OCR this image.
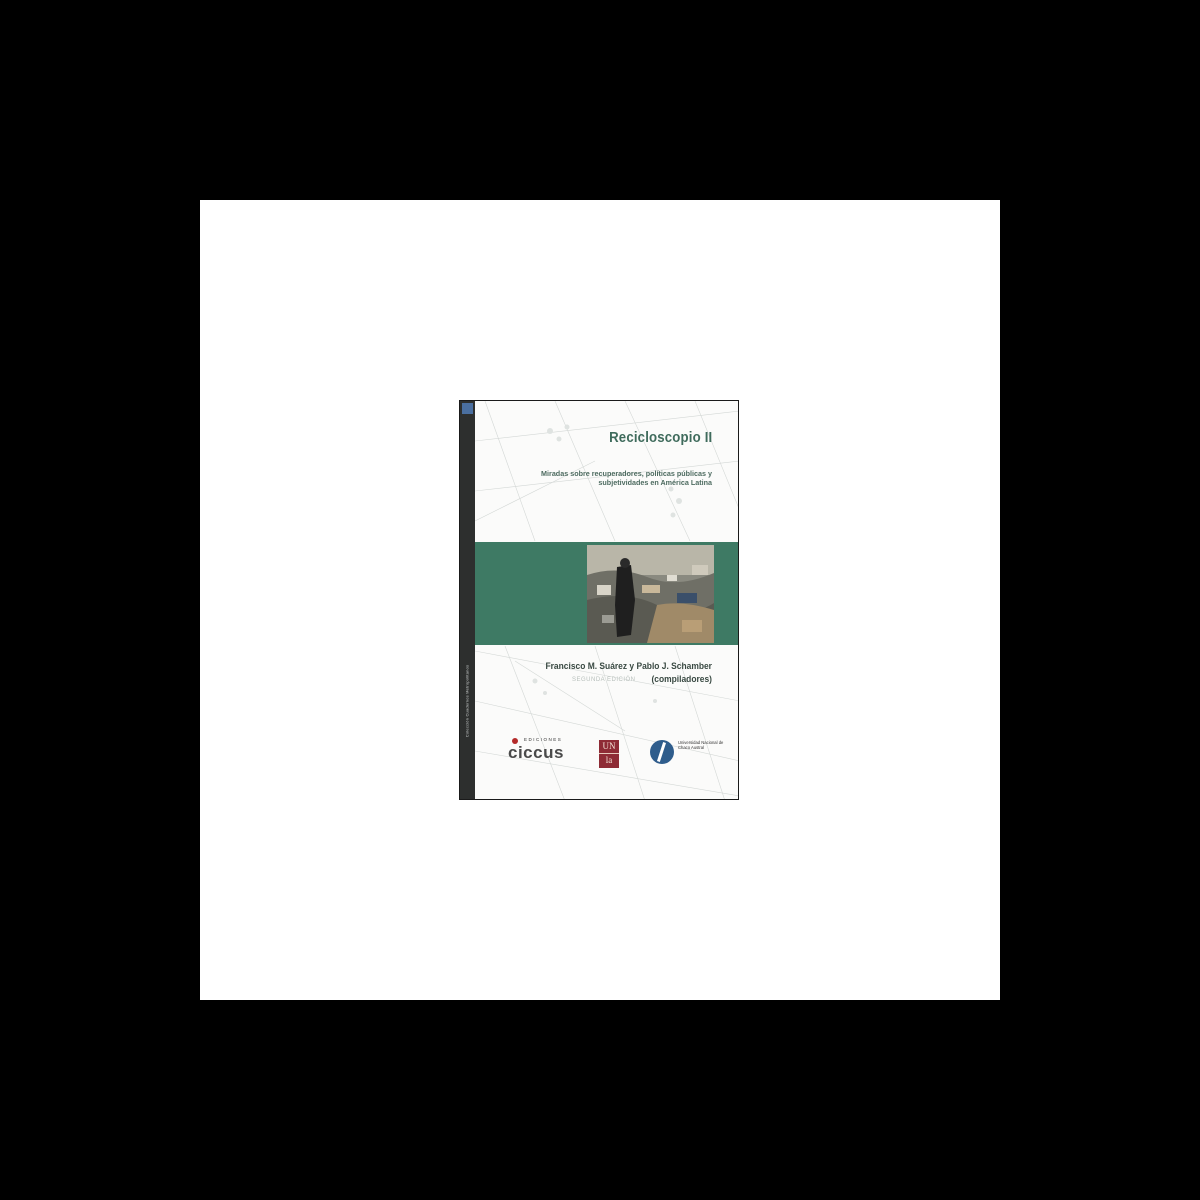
Colección Cuadernos Metropolitanos
Recicloscopio II
Miradas sobre recuperadores, políticas públicas y subjetividades en América Latina
Francisco M. Suárez y Pablo J. Schamber
(compiladores)
SEGUNDA EDICIÓN
EDICIONES
ciccus	UN
la
Universidad Nacional de Chaco Austral
